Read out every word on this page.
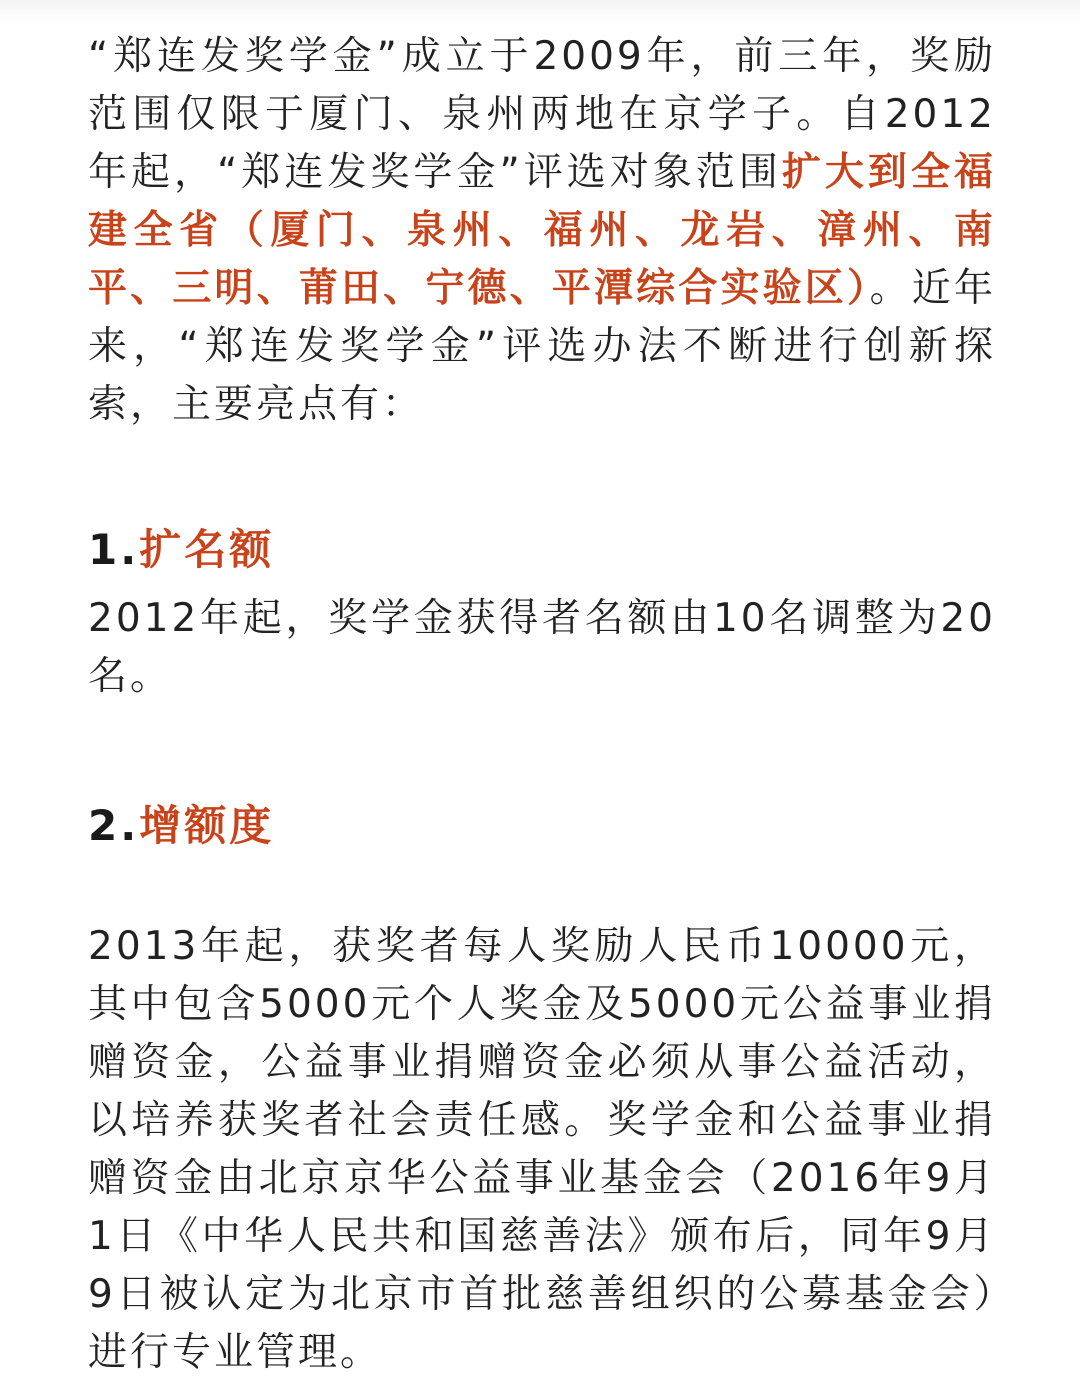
“郑连发奖学金”成立于2009年，前三年，奖励范围仅限于厦门、泉州两地在京学子。自2012年起，“郑连发奖学金”评选对象范围扩大到全福建全省（厦门、泉州、福州、龙岩、漳州、南平、三明、莆田、宁德、平潭综合实验区）。近年来，“郑连发奖学金”评选办法不断进行创新探索，主要亮点有：

1.扩名额

2012年起，奖学金获得者名额由10名调整为20名。

2.增额度

2013年起，获奖者每人奖励人民币10000元，其中包含5000元个人奖金及5000元公益事业捐赠资金，公益事业捐赠资金必须从事公益活动，以培养获奖者社会责任感。奖学金和公益事业捐赠资金由北京京华公益事业基金会（2016年9月1日《中华人民共和国慈善法》颁布后，同年9月9日被认定为北京市首批慈善组织的公募基金会）进行专业管理。
